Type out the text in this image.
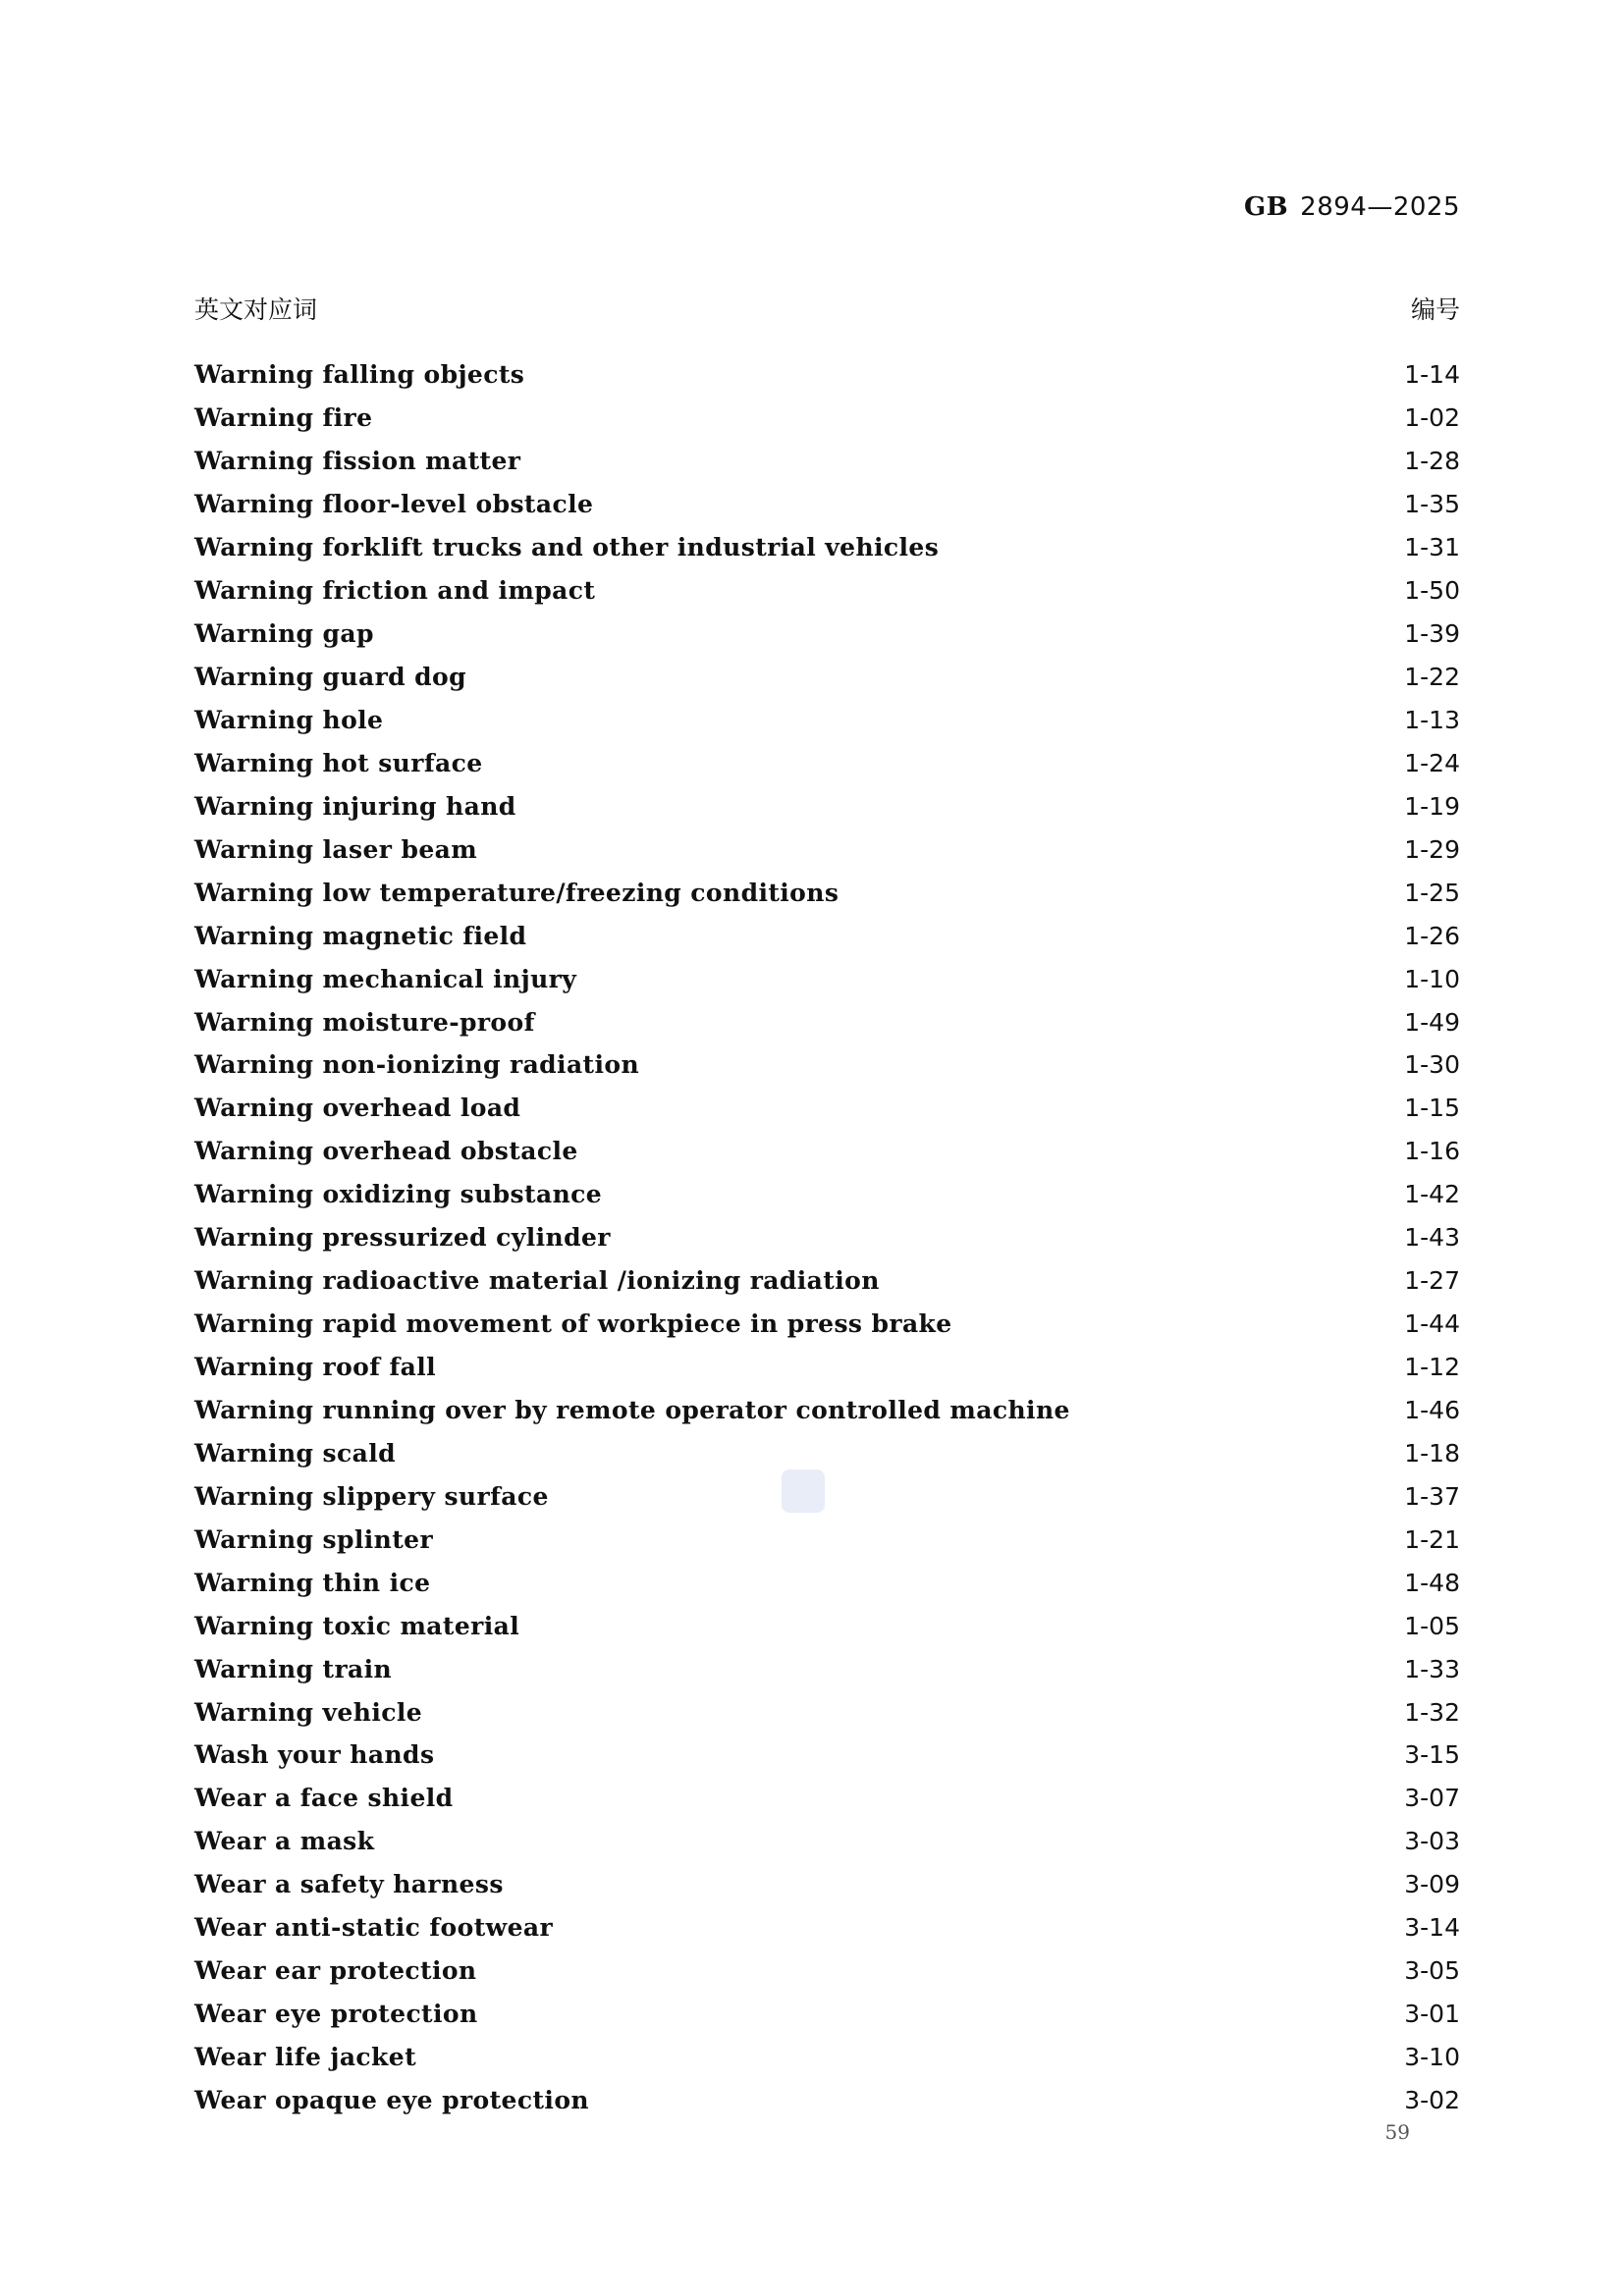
GB 2894—2025
英文对应词	编号
Warning falling objects	1-14
Warning fire	1-02
Warning fission matter	1-28
Warning floor-level obstacle	1-35
Warning forklift trucks and other industrial vehicles	1-31
Warning friction and impact	1-50
Warning gap	1-39
Warning guard dog	1-22
Warning hole	1-13
Warning hot surface	1-24
Warning injuring hand	1-19
Warning laser beam	1-29
Warning low temperature/freezing conditions	1-25
Warning magnetic field	1-26
Warning mechanical injury	1-10
Warning moisture-proof	1-49
Warning non-ionizing radiation	1-30
Warning overhead load	1-15
Warning overhead obstacle	1-16
Warning oxidizing substance	1-42
Warning pressurized cylinder	1-43
Warning radioactive material /ionizing radiation	1-27
Warning rapid movement of workpiece in press brake	1-44
Warning roof fall	1-12
Warning running over by remote operator controlled machine	1-46
Warning scald	1-18
Warning slippery surface	1-37
Warning splinter	1-21
Warning thin ice	1-48
Warning toxic material	1-05
Warning train	1-33
Warning vehicle	1-32
Wash your hands	3-15
Wear a face shield	3-07
Wear a mask	3-03
Wear a safety harness	3-09
Wear anti-static footwear	3-14
Wear ear protection	3-05
Wear eye protection	3-01
Wear life jacket	3-10
Wear opaque eye protection	3-02
59
